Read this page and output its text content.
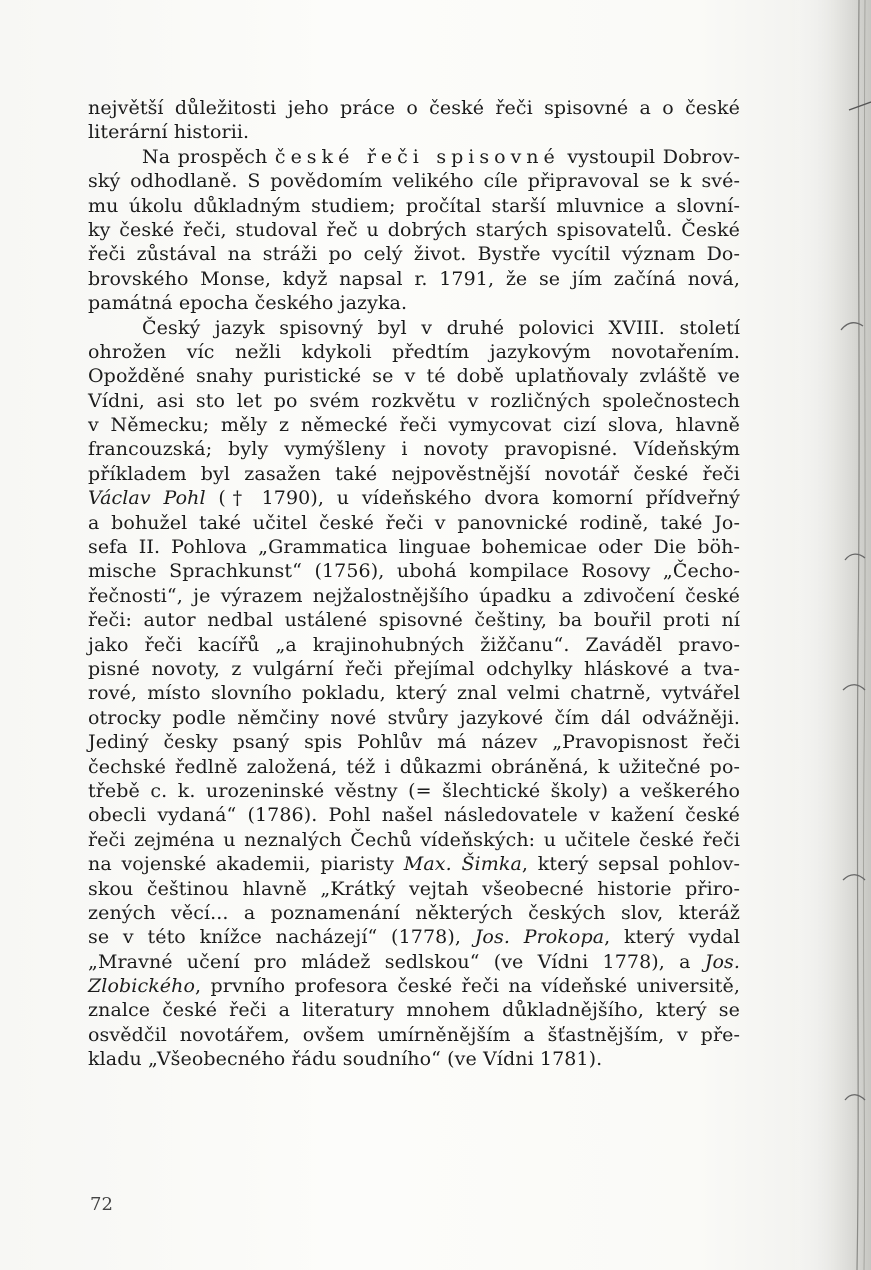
největší důležitosti jeho práce o české řeči spisovné a o české
literární historii.
Na prospěch české řeči spisovné vystoupil Dobrov-
ský odhodlaně. S povědomím velikého cíle připravoval se k své-
mu úkolu důkladným studiem; pročítal starší mluvnice a slovní-
ky české řeči, studoval řeč u dobrých starých spisovatelů. České
řeči zůstával na stráži po celý život. Bystře vycítil význam Do-
brovského Monse, když napsal r. 1791, že se jím začíná nová,
památná epocha českého jazyka.
Český jazyk spisovný byl v druhé polovici XVIII. století
ohrožen víc nežli kdykoli předtím jazykovým novotařením.
Opožděné snahy puristické se v té době uplatňovaly zvláště ve
Vídni, asi sto let po svém rozkvětu v rozličných společnostech
v Německu; měly z německé řeči vymycovat cizí slova, hlavně
francouzská; byly vymýšleny i novoty pravopisné. Vídeňským
příkladem byl zasažen také nejpověstnější novotář české řeči
Václav Pohl († 1790), u vídeňského dvora komorní přídveřný
a bohužel také učitel české řeči v panovnické rodině, také Jo-
sefa II. Pohlova „Grammatica linguae bohemicae oder Die böh-
mische Sprachkunst“ (1756), ubohá kompilace Rosovy „Čecho-
řečnosti“, je výrazem nejžalostnějšího úpadku a zdivočení české
řeči: autor nedbal ustálené spisovné češtiny, ba bouřil proti ní
jako řeči kacířů „a krajinohubných žižčanu“. Zaváděl pravo-
pisné novoty, z vulgární řeči přejímal odchylky hláskové a tva-
rové, místo slovního pokladu, který znal velmi chatrně, vytvářel
otrocky podle němčiny nové stvůry jazykové čím dál odvážněji.
Jediný česky psaný spis Pohlův má název „Pravopisnost řeči
čechské ředlně založená, též i důkazmi obráněná, k užitečné po-
třebě c. k. urozeninské věstny (= šlechtické školy) a veškerého
obecli vydaná“ (1786). Pohl našel následovatele v kažení české
řeči zejména u neznalých Čechů vídeňských: u učitele české řeči
na vojenské akademii, piaristy Max. Šimka, který sepsal pohlov-
skou češtinou hlavně „Krátký vejtah všeobecné historie přiro-
zených věcí... a poznamenání některých českých slov, kteráž
se v této knížce nacházejí“ (1778), Jos. Prokopa, který vydal
„Mravné učení pro mládež sedlskou“ (ve Vídni 1778), a Jos.
Zlobického, prvního profesora české řeči na vídeňské universitě,
znalce české řeči a literatury mnohem důkladnějšího, který se
osvědčil novotářem, ovšem umírněnějším a šťastnějším, v pře-
kladu „Všeobecného řádu soudního“ (ve Vídni 1781).
72
